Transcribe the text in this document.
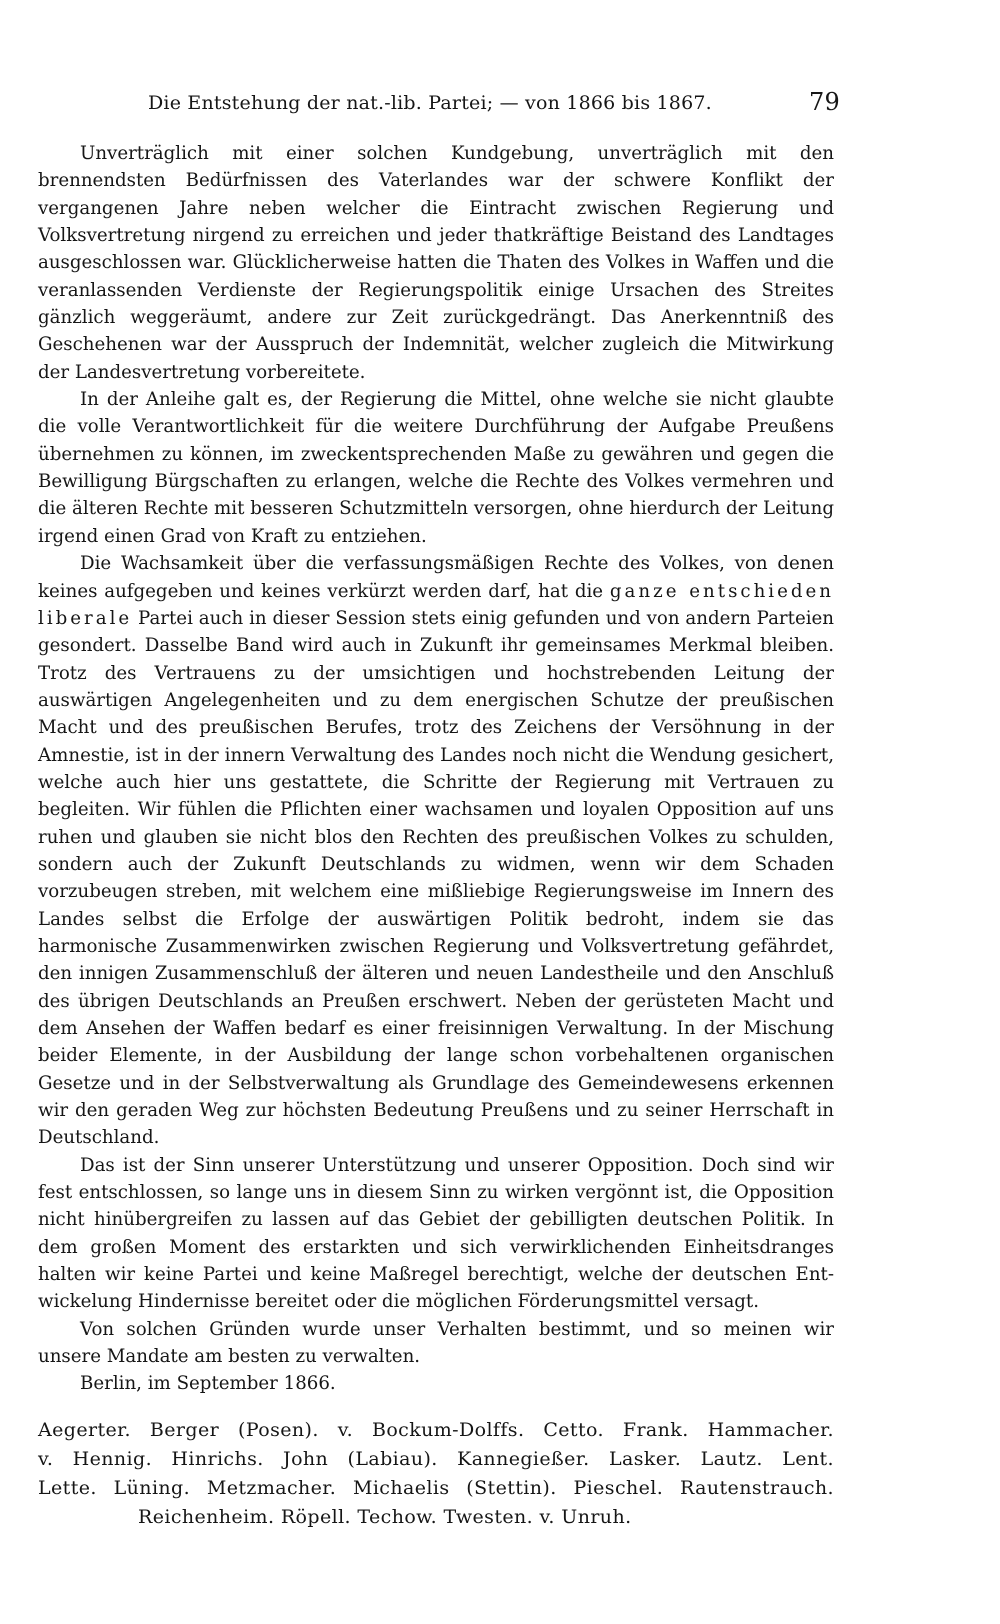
Die Entstehung der nat.-lib. Partei; — von 1866 bis 1867.	79

Unverträglich mit einer solchen Kundgebung, unverträglich mit den brennendsten Bedürfnissen des Vaterlandes war der schwere Konflikt der vergangenen Jahre neben welcher die Eintracht zwischen Regierung und Volksvertretung nirgend zu erreichen und jeder thatkräftige Beistand des Landtages ausgeschlossen war. Glücklicherweise hatten die Thaten des Volkes in Waffen und die veranlassenden Verdienste der Regierungspolitik einige Ursachen des Streites gänzlich weggeräumt, andere zur Zeit zurückgedrängt. Das Anerkenntniß des Geschehenen war der Ausspruch der Indemnität, welcher zugleich die Mitwirkung der Landesvertretung vorbereitete.

In der Anleihe galt es, der Regierung die Mittel, ohne welche sie nicht glaubte die volle Verantwortlichkeit für die weitere Durchführung der Aufgabe Preußens übernehmen zu können, im zweckentsprechenden Maße zu gewähren und gegen die Bewilligung Bürgschaften zu erlangen, welche die Rechte des Volkes vermehren und die älteren Rechte mit besseren Schutzmitteln versorgen, ohne hierdurch der Leitung irgend einen Grad von Kraft zu entziehen.

Die Wachsamkeit über die verfassungsmäßigen Rechte des Volkes, von denen keines aufgegeben und keines verkürzt werden darf, hat die ganze entschieden liberale Partei auch in dieser Session stets einig gefunden und von andern Parteien gesondert. Dasselbe Band wird auch in Zukunft ihr gemeinsames Merkmal bleiben. Trotz des Vertrauens zu der umsichtigen und hochstrebenden Leitung der auswärtigen Angelegenheiten und zu dem energischen Schutze der preußischen Macht und des preußischen Berufes, trotz des Zeichens der Versöhnung in der Amnestie, ist in der innern Verwaltung des Landes noch nicht die Wendung gesichert, welche auch hier uns gestattete, die Schritte der Regierung mit Vertrauen zu begleiten. Wir fühlen die Pflichten einer wachsamen und loyalen Opposition auf uns ruhen und glauben sie nicht blos den Rechten des preußischen Volkes zu schulden, sondern auch der Zukunft Deutschlands zu widmen, wenn wir dem Schaden vorzubeugen streben, mit welchem eine mißliebige Regierungsweise im Innern des Landes selbst die Erfolge der auswärtigen Politik bedroht, indem sie das harmonische Zusammenwirken zwischen Regierung und Volksvertretung gefährdet, den innigen Zusammenschluß der älteren und neuen Landestheile und den Anschluß des übrigen Deutschlands an Preußen erschwert. Neben der gerüsteten Macht und dem Ansehen der Waffen bedarf es einer freisinnigen Verwaltung. In der Mischung beider Elemente, in der Ausbildung der lange schon vorbehaltenen organischen Gesetze und in der Selbstverwaltung als Grundlage des Gemeindewesens erkennen wir den geraden Weg zur höchsten Bedeutung Preußens und zu seiner Herrschaft in Deutschland.

Das ist der Sinn unserer Unterstützung und unserer Opposition. Doch sind wir fest entschlossen, so lange uns in diesem Sinn zu wirken vergönnt ist, die Opposition nicht hinübergreifen zu lassen auf das Gebiet der gebilligten deutschen Politik. In dem großen Moment des erstarkten und sich verwirklichenden Einheitsdranges halten wir keine Partei und keine Maßregel berechtigt, welche der deutschen Entwickelung Hindernisse bereitet oder die möglichen Förderungsmittel versagt.

Von solchen Gründen wurde unser Verhalten bestimmt, und so meinen wir unsere Mandate am besten zu verwalten.

Berlin, im September 1866.

Aegerter. Berger (Posen). v. Bockum-Dolffs. Cetto. Frank. Hammacher.
v. Hennig. Hinrichs. John (Labiau). Kannegießer. Lasker. Lautz. Lent.
Lette. Lüning. Metzmacher. Michaelis (Stettin). Pieschel. Rautenstrauch.
Reichenheim. Röpell. Techow. Twesten. v. Unruh.
